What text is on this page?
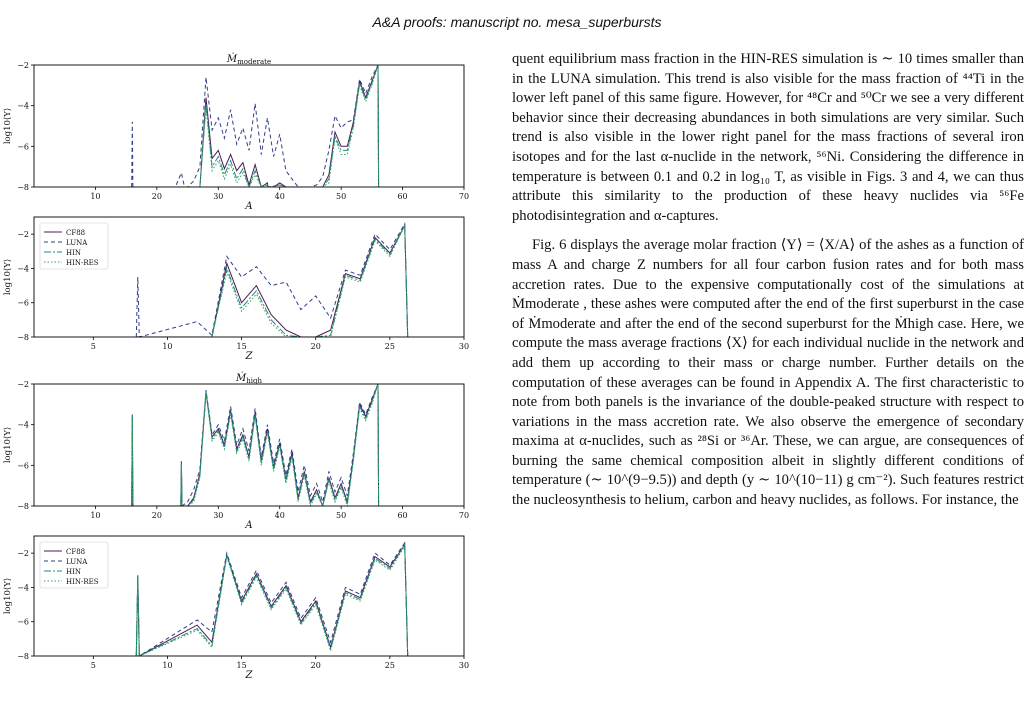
A&A proofs: manuscript no. mesa_superbursts
10	20	30	40	50	60	70
−2
−4
−6
−8
Ṁ$_{moderate}$
A
log10⟨Y⟩
5	10	15	20	25	30
−2
−4
−6
−8
Z
log10⟨Y⟩
CF88
LUNA
HIN
HIN-RES
10	20	30	40	50	60	70
−2
−4
−6
−8
Ṁ$_{high}$
A
log10⟨Y⟩
5	10	15	20	25	30
−2
−4
−6
−8
Z
log10⟨Y⟩
CF88
LUNA
HIN
HIN-RES

quent equilibrium mass fraction in the HIN-RES simulation is ∼ 10 times smaller than in the LUNA simulation. This trend is also visible for the mass fraction of ⁴⁴Ti in the lower left panel of this same figure. However, for ⁴⁸Cr and ⁵⁰Cr we see a very different behavior since their decreasing abundances in both simulations are very similar. Such trend is also visible in the lower right panel for the mass fractions of several iron isotopes and for the last α-nuclide in the network, ⁵⁶Ni. Considering the difference in temperature is between 0.1 and 0.2 in log₁₀ T, as visible in Figs. 3 and 4, we can thus attribute this similarity to the production of these heavy nuclides via ⁵⁶Fe photodisintegration and α-captures.

Fig. 6 displays the average molar fraction ⟨Y⟩ = ⟨X/A⟩ of the ashes as a function of mass A and charge Z numbers for all four carbon fusion rates and for both mass accretion rates. Due to the expensive computationally cost of the simulations at Ṁmoderate , these ashes were computed after the end of the first superburst in the case of Ṁmoderate and after the end of the second superburst for the Ṁhigh case. Here, we compute the mass average fractions ⟨X⟩ for each individual nuclide in the network and add them up according to their mass or charge number. Further details on the computation of these averages can be found in Appendix A. The first characteristic to note from both panels is the invariance of the double-peaked structure with respect to variations in the mass accretion rate. We also observe the emergence of secondary maxima at α-nuclides, such as ²⁸Si or ³⁶Ar. These, we can argue, are consequences of burning the same chemical composition albeit in slightly different conditions of temperature (∼ 10^(9−9.5)) and depth (y ∼ 10^(10−11) g cm⁻²). Such features restrict the nucleosynthesis to helium, carbon and heavy nuclides, as follows. For instance, the
